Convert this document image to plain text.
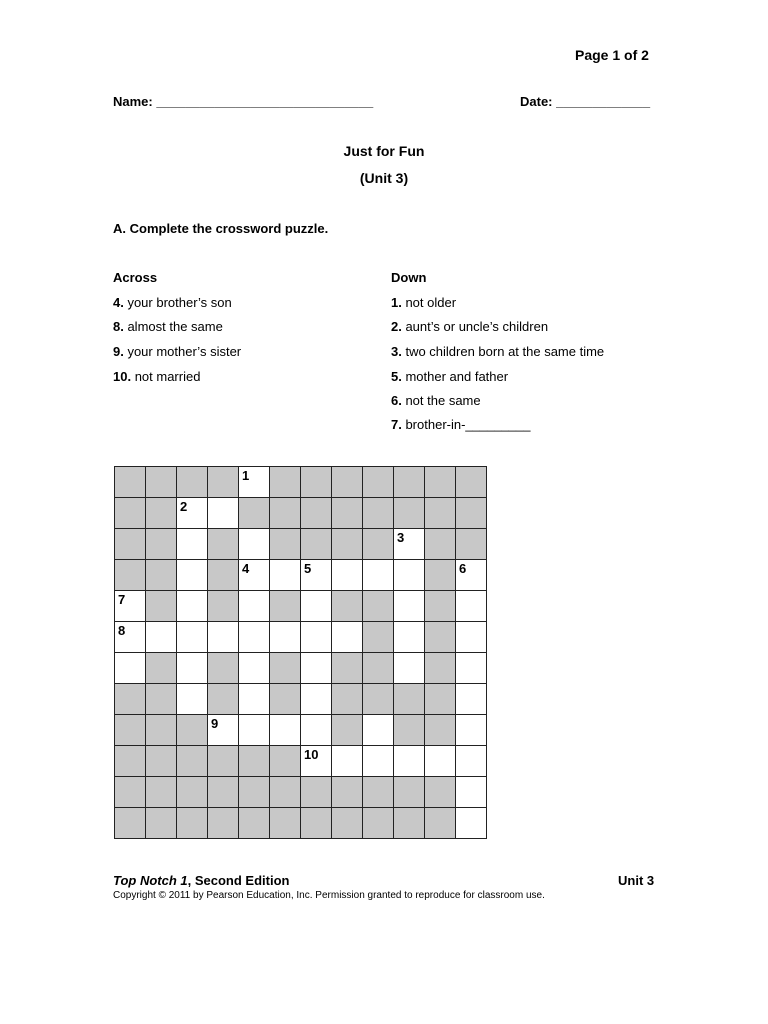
Page 1 of 2
Name: ______________________________	Date: _____________
Just for Fun
(Unit 3)
A. Complete the crossword puzzle.
Across
4. your brother’s son
8. almost the same
9. your mother’s sister
10. not married
Down
1. not older
2. aunt’s or uncle’s children
3. two children born at the same time
5. mother and father
6. not the same
7. brother-in-_________
1
2
3
4	5	6
7
8
9
10
Top Notch 1, Second Edition	Unit 3
Copyright © 2011 by Pearson Education, Inc. Permission granted to reproduce for classroom use.
